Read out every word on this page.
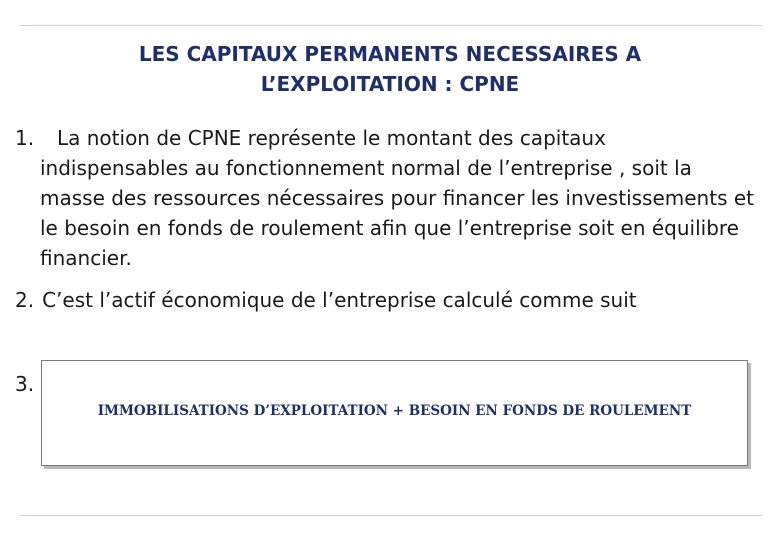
LES CAPITAUX PERMANENTS NECESSAIRES A
L’EXPLOITATION : CPNE
1. La notion de CPNE représente le montant des capitaux
indispensables au fonctionnement normal de l’entreprise , soit la masse des ressources nécessaires pour financer les investissements et le besoin en fonds de roulement afin que l’entreprise soit en équilibre financier.
2. C’est l’actif économique de l’entreprise calculé comme suit
3.
IMMOBILISATIONS D’EXPLOITATION + BESOIN EN FONDS DE ROULEMENT
